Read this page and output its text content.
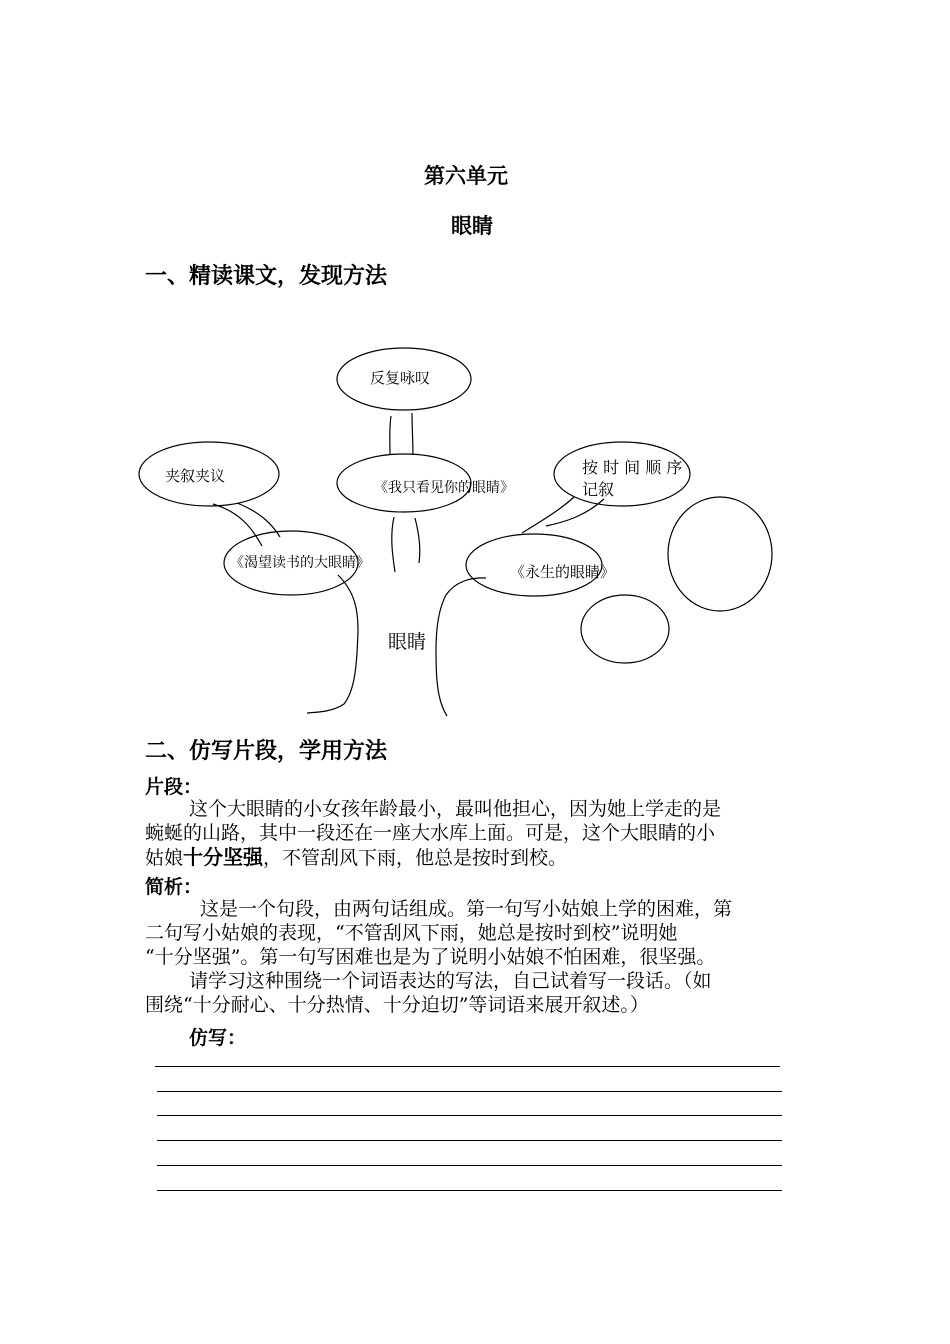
第六单元
眼睛
一、精读课文，发现方法
反复咏叹
夹叙夹议
《我只看见你的眼睛》
按 时 间 顺 序
记叙
《渴望读书的大眼睛》	《永生的眼睛》
眼睛
二、仿写片段，学用方法
片段：
这个大眼睛的小女孩年龄最小，最叫他担心，因为她上学走的是
蜿蜒的山路，其中一段还在一座大水库上面。可是，这个大眼睛的小
姑娘十分坚强，不管刮风下雨，他总是按时到校。
简析：
这是一个句段，由两句话组成。第一句写小姑娘上学的困难，第
二句写小姑娘的表现，“不管刮风下雨，她总是按时到校”说明她
“十分坚强”。第一句写困难也是为了说明小姑娘不怕困难，很坚强。
请学习这种围绕一个词语表达的写法，自己试着写一段话。（如
围绕“十分耐心、十分热情、十分迫切”等词语来展开叙述。）
仿写：
